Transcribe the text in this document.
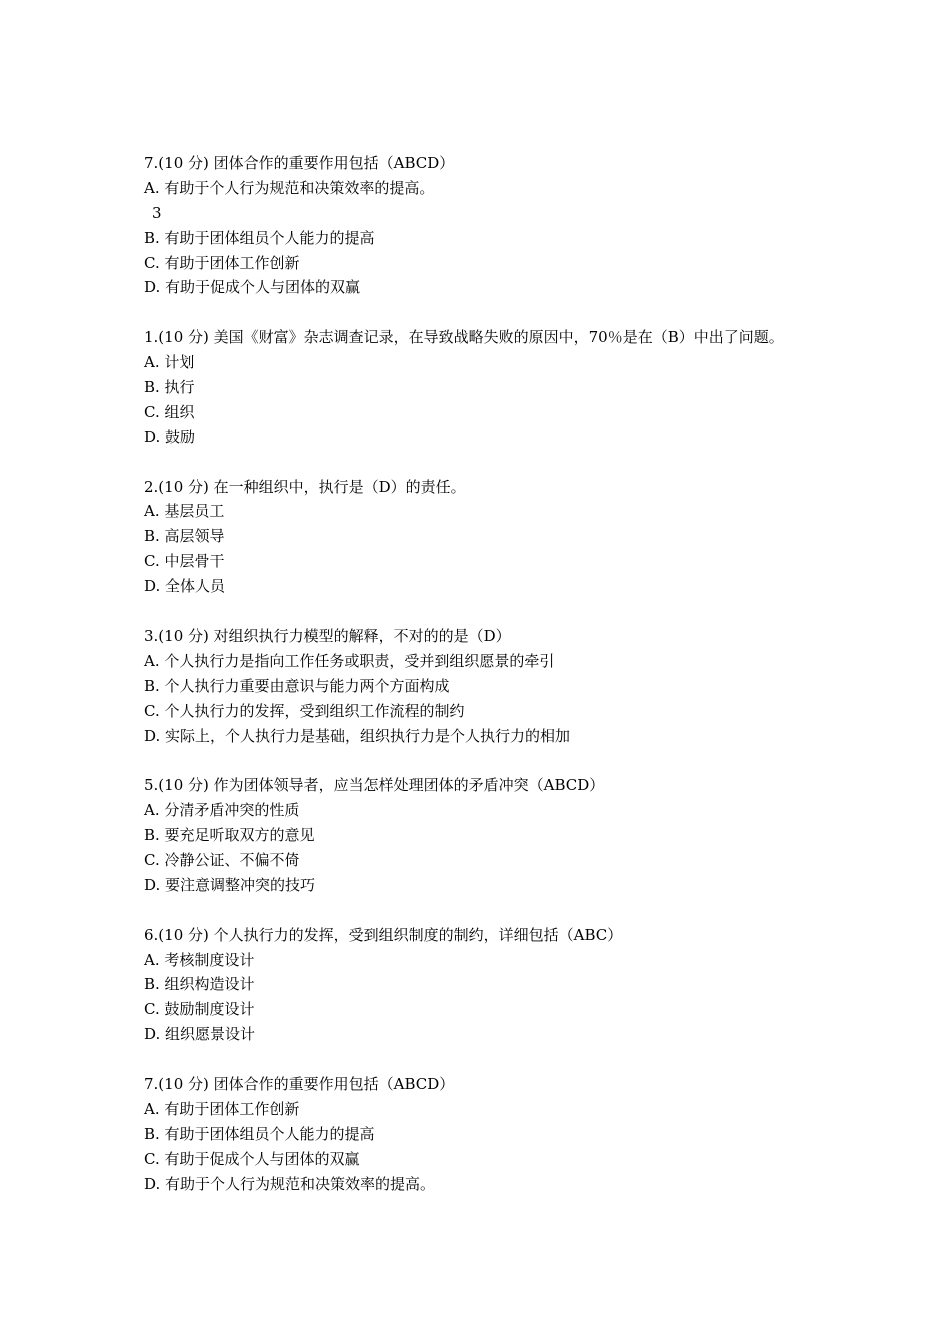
7.(10 分) 团体合作的重要作用包括（ABCD）
A. 有助于个人行为规范和决策效率的提高。
3
B. 有助于团体组员个人能力的提高
C. 有助于团体工作创新
D. 有助于促成个人与团体的双赢
1.(10 分) 美国《财富》杂志调查记录，在导致战略失败的原因中，70％是在（B）中出了问题。
A. 计划
B. 执行
C. 组织
D. 鼓励
2.(10 分) 在一种组织中，执行是（D）的责任。
A. 基层员工
B. 高层领导
C. 中层骨干
D. 全体人员
3.(10 分) 对组织执行力模型的解释，不对的的是（D）
A. 个人执行力是指向工作任务或职责，受并到组织愿景的牵引
B. 个人执行力重要由意识与能力两个方面构成
C. 个人执行力的发挥，受到组织工作流程的制约
D. 实际上，个人执行力是基础，组织执行力是个人执行力的相加
5.(10 分) 作为团体领导者，应当怎样处理团体的矛盾冲突（ABCD）
A. 分清矛盾冲突的性质
B. 要充足听取双方的意见
C. 冷静公证、不偏不倚
D. 要注意调整冲突的技巧
6.(10 分) 个人执行力的发挥，受到组织制度的制约，详细包括（ABC）
A. 考核制度设计
B. 组织构造设计
C. 鼓励制度设计
D. 组织愿景设计
7.(10 分) 团体合作的重要作用包括（ABCD）
A. 有助于团体工作创新
B. 有助于团体组员个人能力的提高
C. 有助于促成个人与团体的双赢
D. 有助于个人行为规范和决策效率的提高。
